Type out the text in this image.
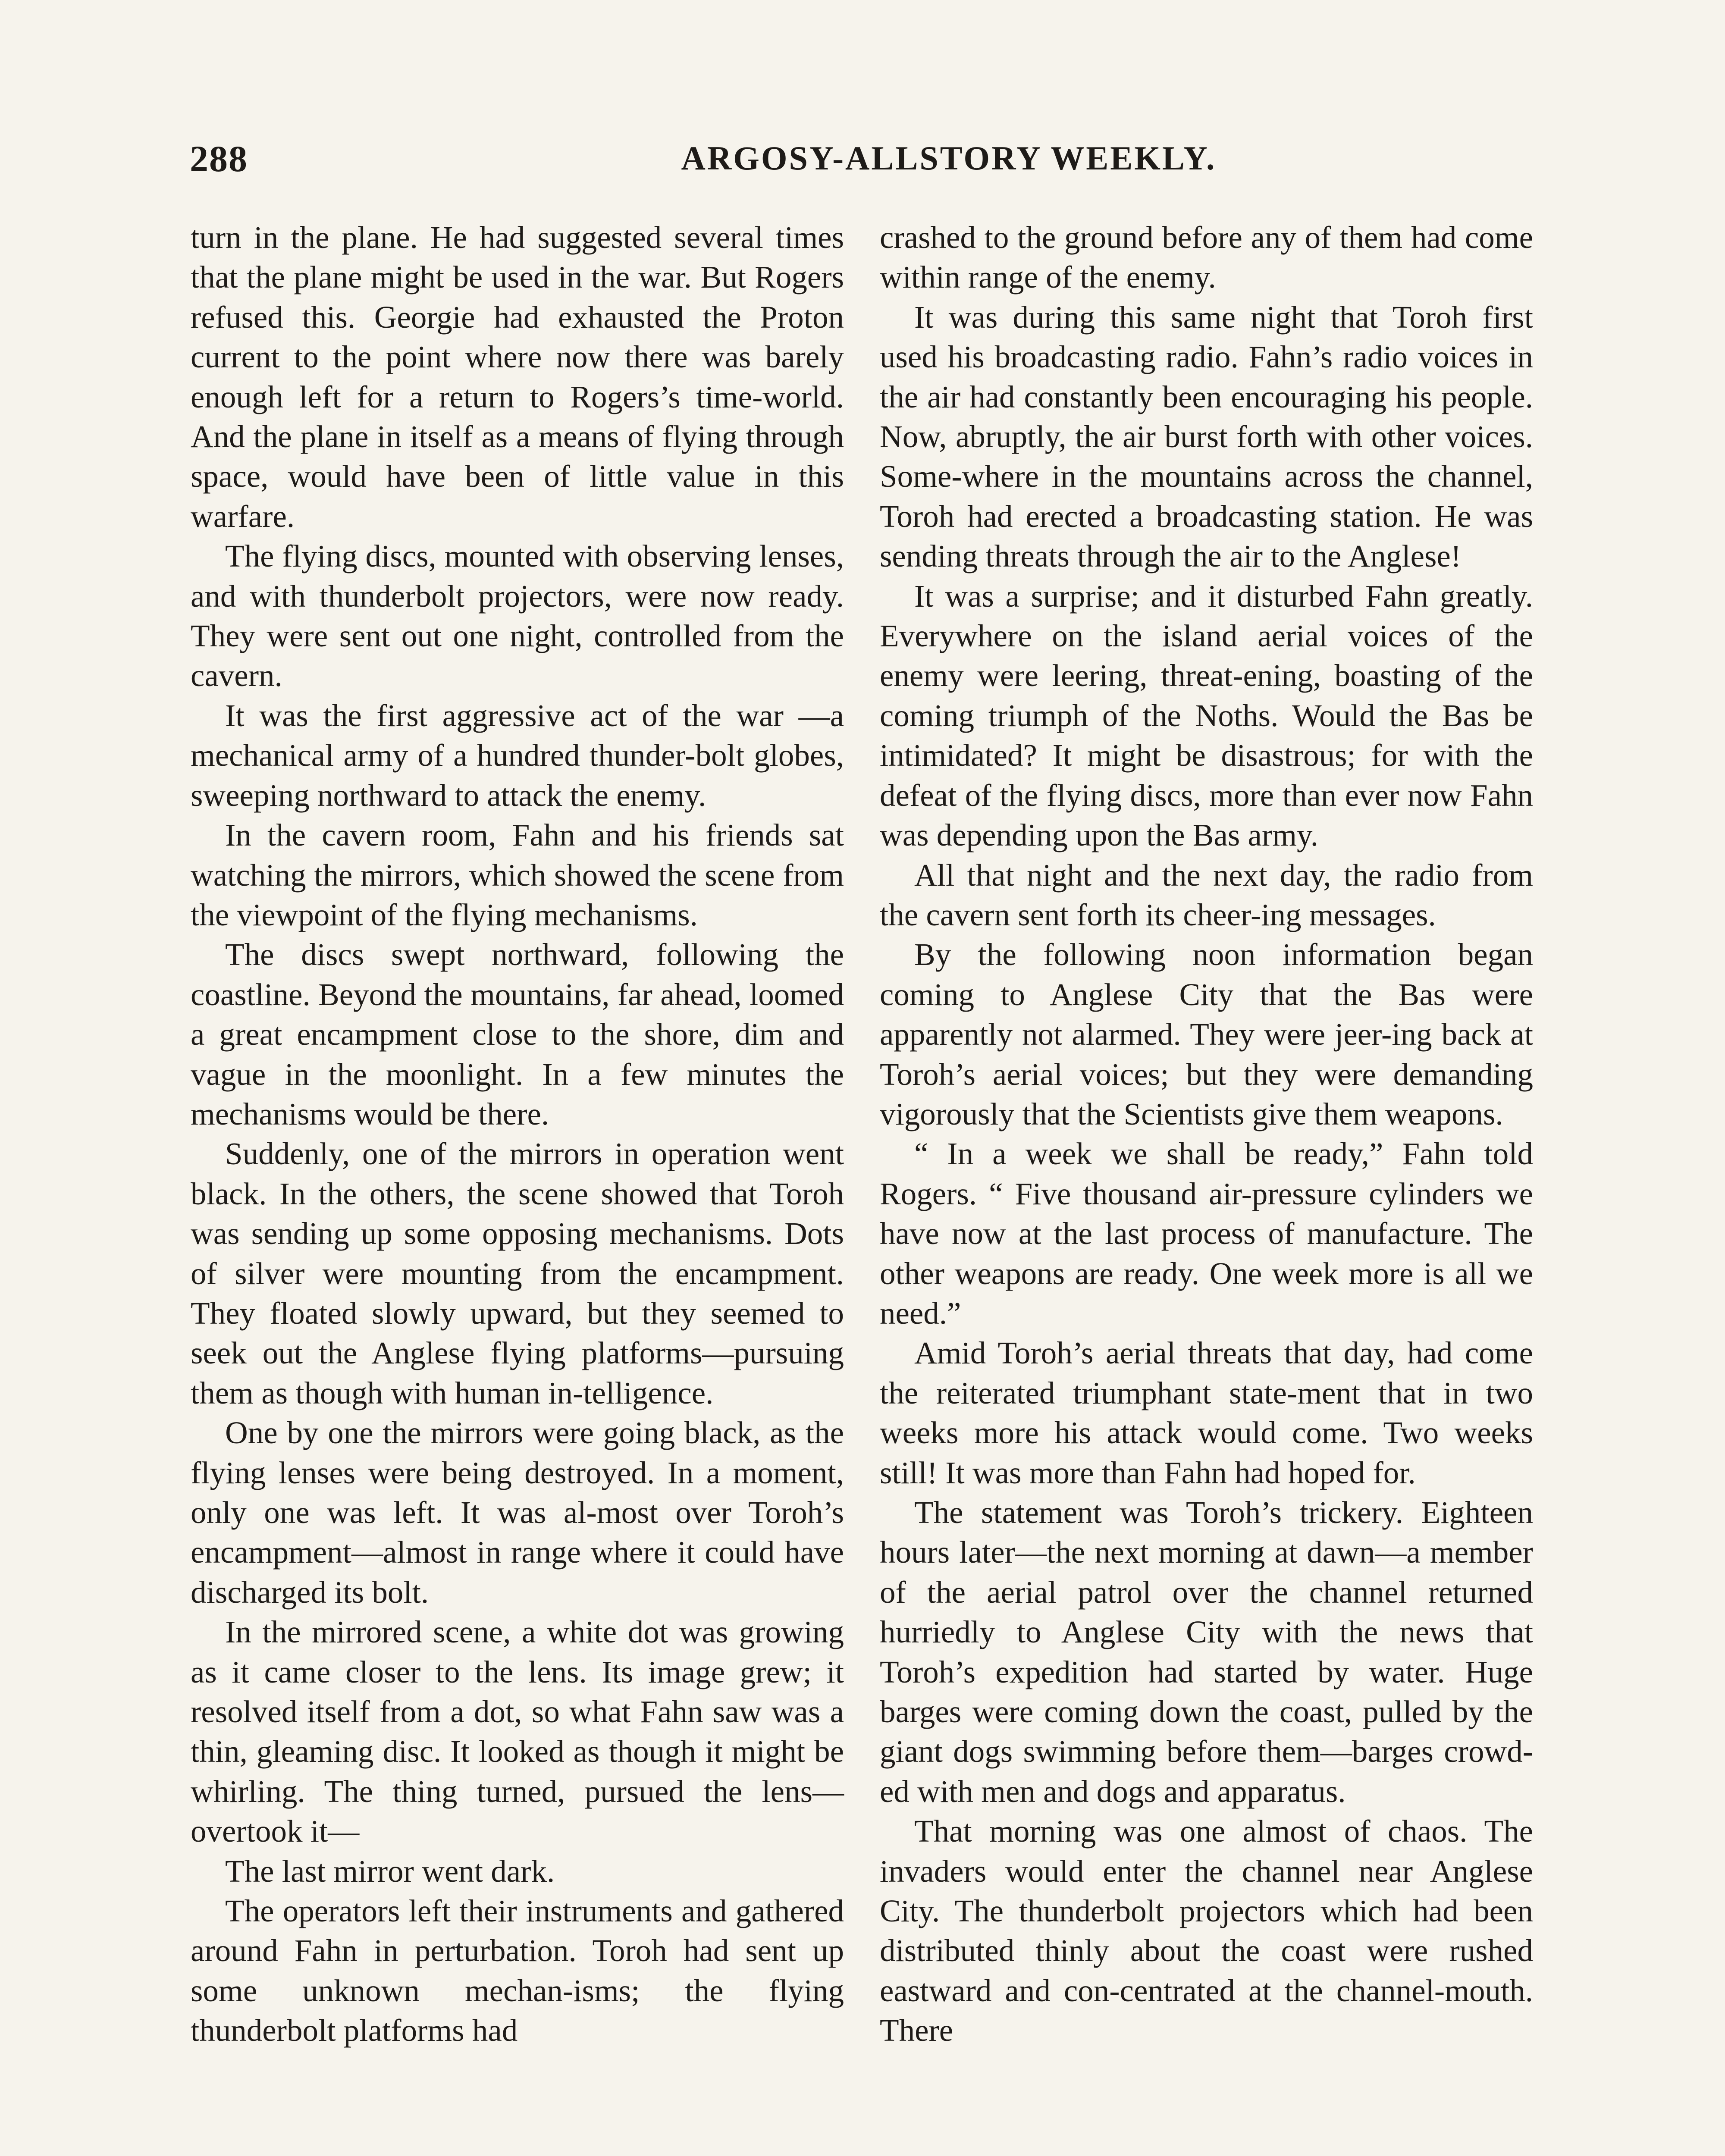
288	ARGOSY-ALLSTORY WEEKLY.

turn in the plane. He had suggested several times that the plane might be used in the war. But Rogers refused this. Georgie had exhausted the Proton current to the point where now there was barely enough left for a return to Rogers’s time-world. And the plane in itself as a means of flying through space, would have been of little value in this warfare.

The flying discs, mounted with observing lenses, and with thunderbolt projectors, were now ready. They were sent out one night, controlled from the cavern.

It was the first aggressive act of the war —a mechanical army of a hundred thunder-bolt globes, sweeping northward to attack the enemy.

In the cavern room, Fahn and his friends sat watching the mirrors, which showed the scene from the viewpoint of the flying mechanisms.

The discs swept northward, following the coastline. Beyond the mountains, far ahead, loomed a great encampment close to the shore, dim and vague in the moonlight. In a few minutes the mechanisms would be there.

Suddenly, one of the mirrors in operation went black. In the others, the scene showed that Toroh was sending up some opposing mechanisms. Dots of silver were mounting from the encampment. They floated slowly upward, but they seemed to seek out the Anglese flying platforms—pursuing them as though with human in-telligence.

One by one the mirrors were going black, as the flying lenses were being destroyed. In a moment, only one was left. It was al-most over Toroh’s encampment—almost in range where it could have discharged its bolt.

In the mirrored scene, a white dot was growing as it came closer to the lens. Its image grew; it resolved itself from a dot, so what Fahn saw was a thin, gleaming disc. It looked as though it might be whirling. The thing turned, pursued the lens—overtook it—

The last mirror went dark.

The operators left their instruments and gathered around Fahn in perturbation. Toroh had sent up some unknown mechan-isms; the flying thunderbolt platforms had

crashed to the ground before any of them had come within range of the enemy.

It was during this same night that Toroh first used his broadcasting radio. Fahn’s radio voices in the air had constantly been encouraging his people. Now, abruptly, the air burst forth with other voices. Some-where in the mountains across the channel, Toroh had erected a broadcasting station. He was sending threats through the air to the Anglese!

It was a surprise; and it disturbed Fahn greatly. Everywhere on the island aerial voices of the enemy were leering, threat-ening, boasting of the coming triumph of the Noths. Would the Bas be intimidated? It might be disastrous; for with the defeat of the flying discs, more than ever now Fahn was depending upon the Bas army.

All that night and the next day, the radio from the cavern sent forth its cheer-ing messages.

By the following noon information began coming to Anglese City that the Bas were apparently not alarmed. They were jeer-ing back at Toroh’s aerial voices; but they were demanding vigorously that the Scientists give them weapons.

“ In a week we shall be ready,” Fahn told Rogers. “ Five thousand air-pressure cylinders we have now at the last process of manufacture. The other weapons are ready. One week more is all we need.”

Amid Toroh’s aerial threats that day, had come the reiterated triumphant state-ment that in two weeks more his attack would come. Two weeks still! It was more than Fahn had hoped for.

The statement was Toroh’s trickery. Eighteen hours later—the next morning at dawn—a member of the aerial patrol over the channel returned hurriedly to Anglese City with the news that Toroh’s expedition had started by water. Huge barges were coming down the coast, pulled by the giant dogs swimming before them—barges crowd-ed with men and dogs and apparatus.

That morning was one almost of chaos. The invaders would enter the channel near Anglese City. The thunderbolt projectors which had been distributed thinly about the coast were rushed eastward and con-centrated at the channel-mouth. There
